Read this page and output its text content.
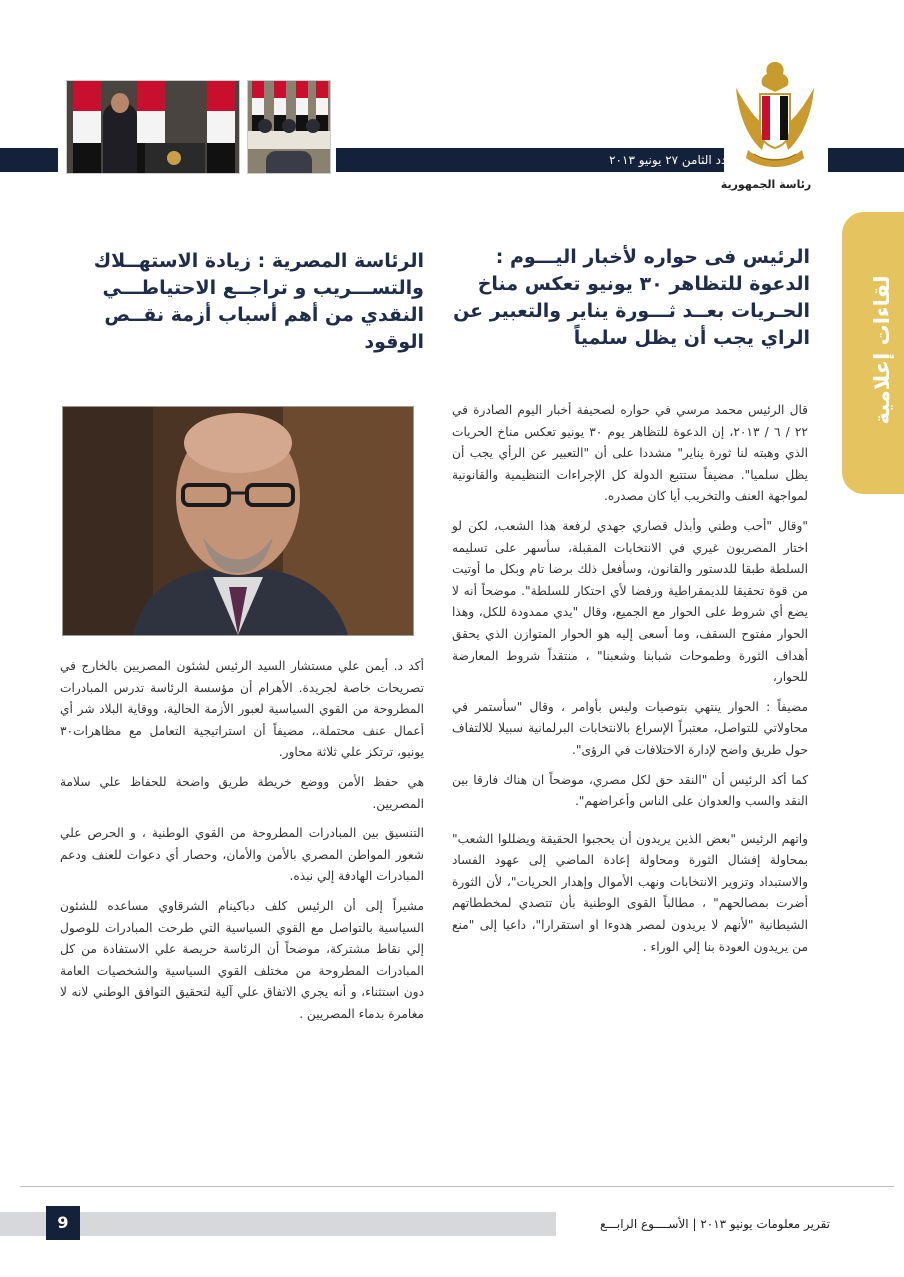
العدد الثامن ٢٧ يونيو ٢٠١٣
رئاسة الجمهورية
لقاءات إعلامية
الرئيس فى حواره لأخبار اليـــوم : الدعوة للتظاهر ٣٠ يونيو تعكس مناخ الحـريات بعــد ثـــورة يناير والتعبير عن الراي يجب أن يظل سلمياً
الرئاسة المصرية : زيادة الاستهــلاك والتســـريب و تراجــع الاحتياطـــي النقدي من أهم أسباب أزمة نقــص الوقود

قال الرئيس محمد مرسي في حواره لصحيفة أخبار اليوم الصادرة في ٢٢ / ٦ / ٢٠١٣، إن الدعوة للتظاهر يوم ٣٠ يونيو تعكس مناخ الحريات الذي وهبته لنا ثورة يناير" مشددا على أن "التعبير عن الرأي يجب أن يظل سلميا". مضيفاً ستتبع الدولة كل الإجراءات التنظيمية والقانونية لمواجهة العنف والتخريب أيا كان مصدره.

"وقال "أحب وطني وأبذل قصاري جهدي لرفعة هذا الشعب، لكن لو اختار المصريون غيري في الانتخابات المقبلة، سأسهر على تسليمه السلطة طبقا للدستور والقانون، وسأفعل ذلك برضا تام وبكل ما أوتيت من قوة تحقيقا للديمقراطية ورفضا لأي احتكار للسلطة". موضحاً أنه لا يضع أي شروط على الحوار مع الجميع، وقال "يدي ممدودة للكل، وهذا الحوار مفتوح السقف، وما أسعى إليه هو الحوار المتوازن الذي يحقق أهداف الثورة وطموحات شبابنا وشعبنا" ، منتقداً شروط المعارضة للحوار،

مضيفاً : الحوار ينتهي بتوصيات وليس بأوامر ، وقال "سأستمر في محاولاتي للتواصل، معتبراً الإسراع بالانتخابات البرلمانية سبيلا للالتفاف حول طريق واضح لإدارة الاختلافات في الرؤى".

كما أكد الرئيس أن "النقد حق لكل مصري، موضحاً ان هناك فارقا بين النقد والسب والعدوان على الناس وأعراضهم".

واتهم الرئيس "بعض الذين يريدون أن يحجبوا الحقيقة ويضللوا الشعب" بمحاولة إفشال الثورة ومحاولة إعادة الماضي إلى عهود الفساد والاستبداد وتزوير الانتخابات ونهب الأموال وإهدار الحريات"، لأن الثورة أضرت بمصالحهم" ، مطالباً القوى الوطنية بأن تتصدي لمخططاتهم الشيطانية "لأنهم لا يريدون لمصر هدوءا او استقرارا"، داعيا إلى "منع من يريدون العودة بنا إلي الوراء .

أكد د. أيمن علي مستشار السيد الرئيس لشئون المصريين بالخارج في تصريحات خاصة لجريدة. الأهرام أن مؤسسة الرئاسة تدرس المبادرات المطروحة من القوي السياسية لعبور الأزمة الحالية، ووقاية البلاد شر أي أعمال عنف محتملة.، مضيفاً أن استراتيجية التعامل مع مظاهرات٣٠ يونيو، ترتكز علي ثلاثة محاور.

هي حفظ الأمن ووضع خريطة طريق واضحة للحفاظ علي سلامة المصريين.

التنسيق بين المبادرات المطروحة من القوي الوطنية ، و الحرص علي شعور المواطن المصري بالأمن والأمان، وحصار أي دعوات للعنف ودعم المبادرات الهادفة إلي نبذه.

مشيراً إلى أن الرئيس كلف دباكينام الشرقاوي مساعده للشئون السياسية بالتواصل مع القوي السياسية التي طرحت المبادرات للوصول إلي نقاط مشتركة، موضحاً أن الرئاسة حريصة علي الاستفادة من كل المبادرات المطروحة من مختلف القوي السياسية والشخصيات العامة دون استثناء، و أنه يجري الاتفاق علي آلية لتحقيق التوافق الوطني لانه لا مغامرة بدماء المصريين .

9	تقرير معلومات يونيو ٢٠١٣ | الأســــوع الرابـــع
